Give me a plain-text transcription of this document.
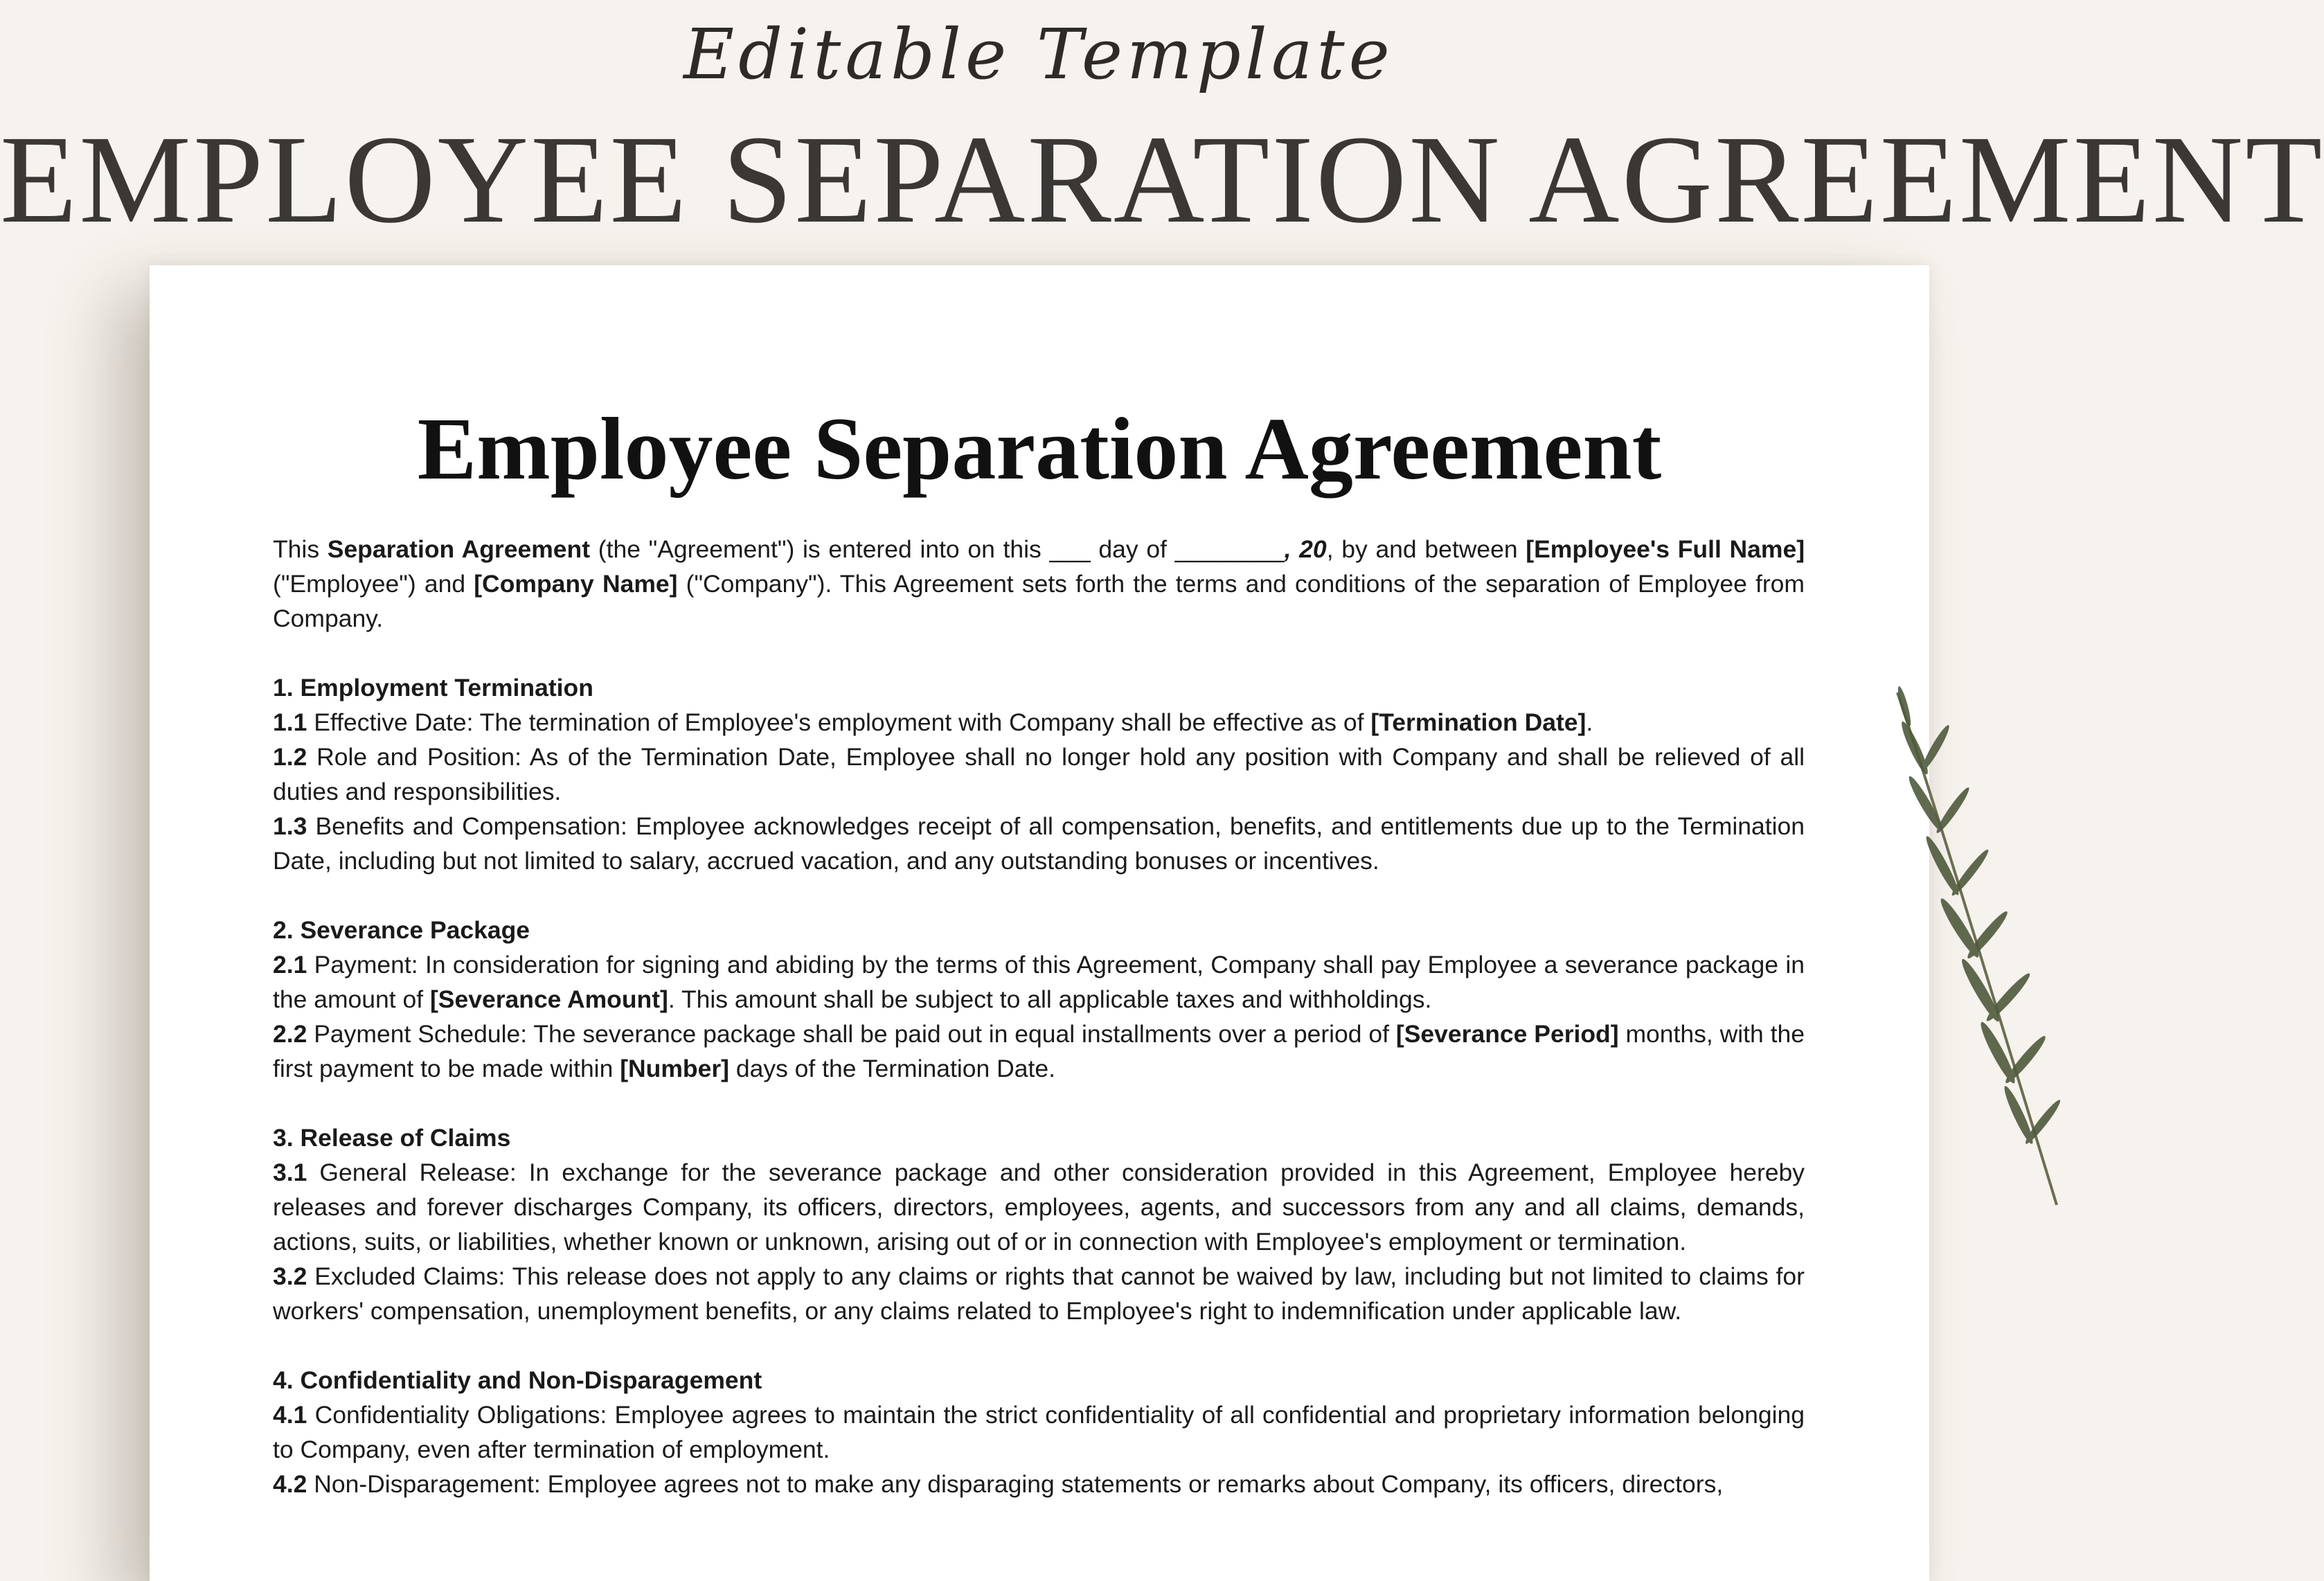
Editable Template
EMPLOYEE SEPARATION AGREEMENT
Employee Separation Agreement

This Separation Agreement (the "Agreement") is entered into on this ___ day of ________, 20, by and between [Employee's Full Name] ("Employee") and [Company Name] ("Company"). This Agreement sets forth the terms and conditions of the separation of Employee from Company.

1. Employment Termination

1.1 Effective Date: The termination of Employee's employment with Company shall be effective as of [Termination Date].

1.2 Role and Position: As of the Termination Date, Employee shall no longer hold any position with Company and shall be relieved of all duties and responsibilities.

1.3 Benefits and Compensation: Employee acknowledges receipt of all compensation, benefits, and entitlements due up to the Termination Date, including but not limited to salary, accrued vacation, and any outstanding bonuses or incentives.

2. Severance Package

2.1 Payment: In consideration for signing and abiding by the terms of this Agreement, Company shall pay Employee a severance package in the amount of [Severance Amount]. This amount shall be subject to all applicable taxes and withholdings.

2.2 Payment Schedule: The severance package shall be paid out in equal installments over a period of [Severance Period] months, with the first payment to be made within [Number] days of the Termination Date.

3. Release of Claims

3.1 General Release: In exchange for the severance package and other consideration provided in this Agreement, Employee hereby releases and forever discharges Company, its officers, directors, employees, agents, and successors from any and all claims, demands, actions, suits, or liabilities, whether known or unknown, arising out of or in connection with Employee's employment or termination.

3.2 Excluded Claims: This release does not apply to any claims or rights that cannot be waived by law, including but not limited to claims for workers' compensation, unemployment benefits, or any claims related to Employee's right to indemnification under applicable law.

4. Confidentiality and Non-Disparagement

4.1 Confidentiality Obligations: Employee agrees to maintain the strict confidentiality of all confidential and proprietary information belonging to Company, even after termination of employment.

4.2 Non-Disparagement: Employee agrees not to make any disparaging statements or remarks about Company, its officers, directors,
